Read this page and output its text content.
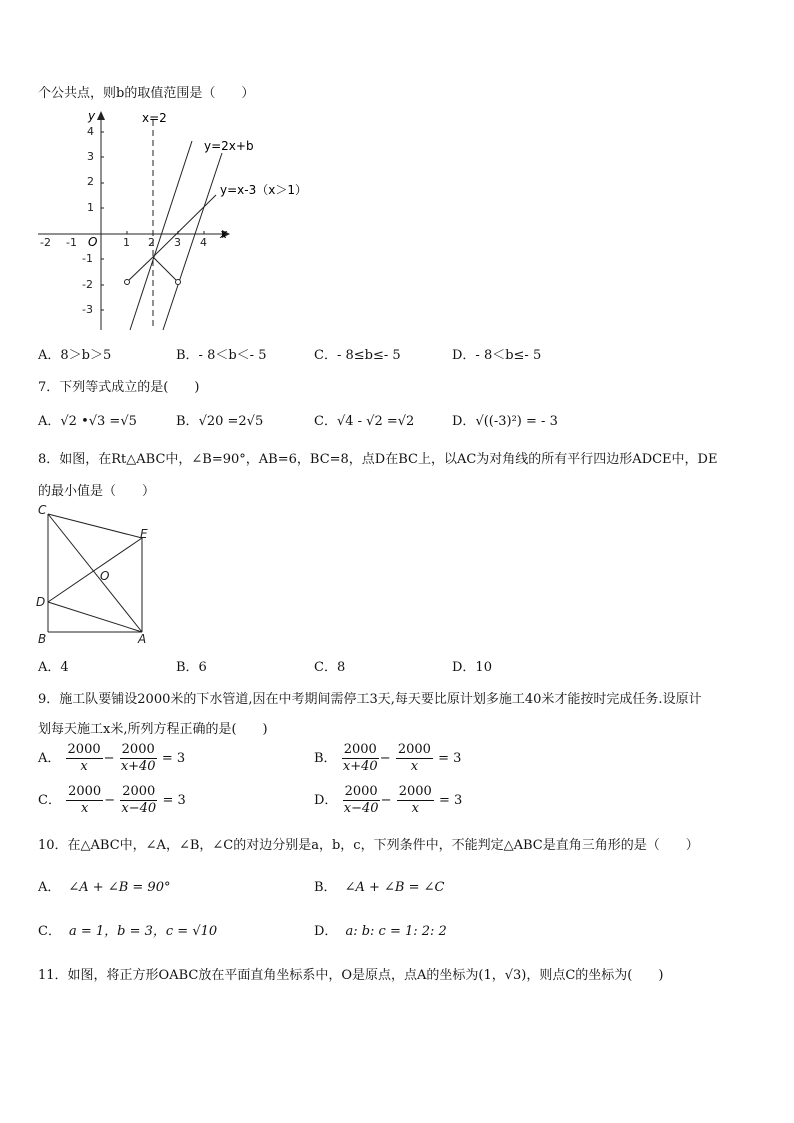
个公共点，则b的取值范围是（　　）
y
x
O
-2 -1	1 2 3 4
4
3
2
1
-1
-2
-3
x=2
y=2x+b
y=x-3（x＞1）
A．8＞b＞5	B．- 8＜b＜- 5	C．- 8≤b≤- 5	D．- 8＜b≤- 5
7．下列等式成立的是(　　)
A．√2 •√3 =√5	B．√20 =2√5	C．√4 - √2 =√2	D．√((-3)²) = - 3
8．如图，在Rt△ABC中，∠B=90°，AB=6，BC=8，点D在BC上，以AC为对角线的所有平行四边形ADCE中，DE
的最小值是（　　）
C
E
O
D
B	A
A．4	B．6	C．8	D．10
9．施工队要铺设2000米的下水管道,因在中考期间需停工3天,每天要比原计划多施工40米才能按时完成任务.设原计
划每天施工x米,所列方程正确的是(　　)
A． $\frac{2000}{x} - \frac{2000}{x+40} = 3$	B． $\frac{2000}{x+40} - \frac{2000}{x} = 3$
C． $\frac{2000}{x} - \frac{2000}{x-40} = 3$	D． $\frac{2000}{x-40} - \frac{2000}{x} = 3$
10．在△ABC中，∠A，∠B，∠C的对边分别是a，b，c，下列条件中，不能判定△ABC是直角三角形的是（　　）
A． ∠A + ∠B = 90°	B． ∠A + ∠B = ∠C
C． a = 1，b = 3，c = √10	D． a: b: c = 1: 2: 2
11．如图，将正方形OABC放在平面直角坐标系中，O是原点，点A的坐标为(1，√3)，则点C的坐标为(　　)
